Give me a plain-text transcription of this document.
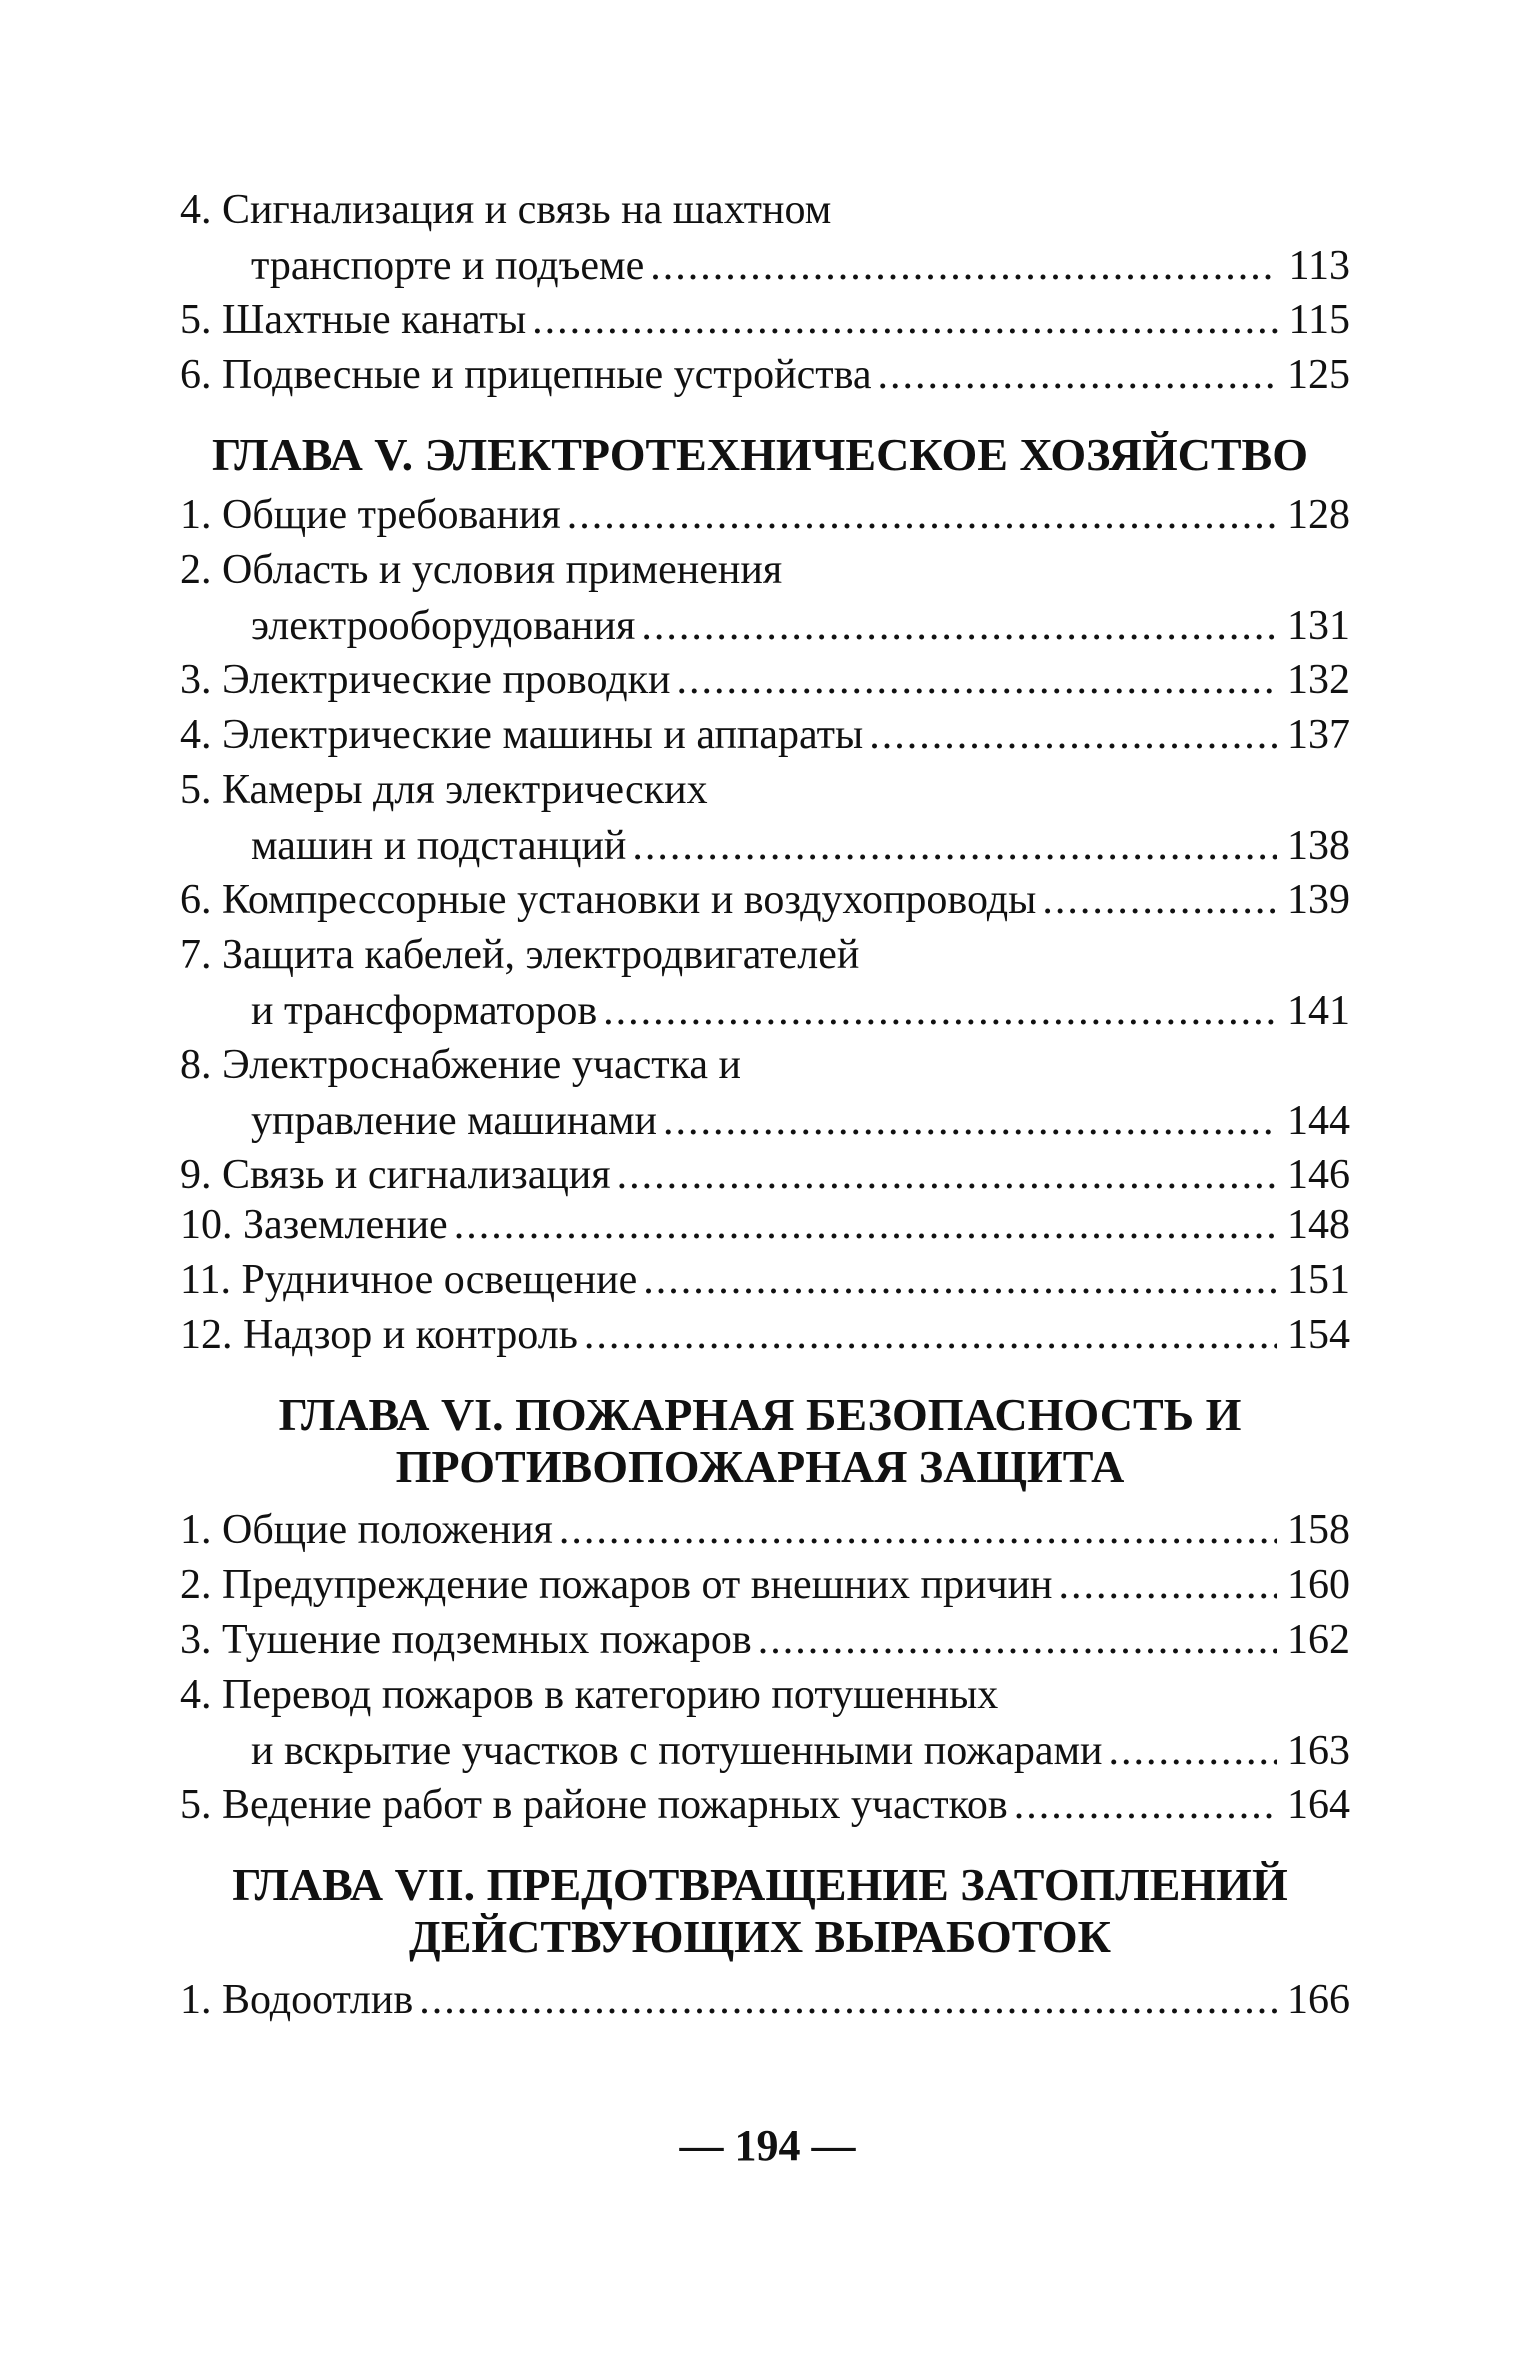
4. Сигнализация и связь на шахтном
транспорте и подъеме .....	113
5. Шахтные канаты .....	115
6. Подвесные и прицепные устройства .....	125
ГЛАВА V. ЭЛЕКТРОТЕХНИЧЕСКОЕ ХОЗЯЙСТВО
1. Общие требования .....	128
2. Область и условия применения
электрооборудования .....	131
3. Электрические проводки .....	132
4. Электрические машины и аппараты .....	137
5. Камеры для электрических
машин и подстанций .....	138
6. Компрессорные установки и воздухопроводы .....	139
7. Защита кабелей, электродвигателей
и трансформаторов .....	141
8. Электроснабжение участка и
управление машинами .....	144
9. Связь и сигнализация .....	146
10. Заземление .....	148
11. Рудничное освещение .....	151
12. Надзор и контроль .....	154
ГЛАВА VI. ПОЖАРНАЯ БЕЗОПАСНОСТЬ И
ПРОТИВОПОЖАРНАЯ ЗАЩИТА
1. Общие положения .....	158
2. Предупреждение пожаров от внешних причин .....	160
3. Тушение подземных пожаров .....	162
4. Перевод пожаров в категорию потушенных
и вскрытие участков с потушенными пожарами .....	163
5. Ведение работ в районе пожарных участков .....	164
ГЛАВА VII. ПРЕДОТВРАЩЕНИЕ ЗАТОПЛЕНИЙ
ДЕЙСТВУЮЩИХ ВЫРАБОТОК
1. Водоотлив .....	166
— 194 —
